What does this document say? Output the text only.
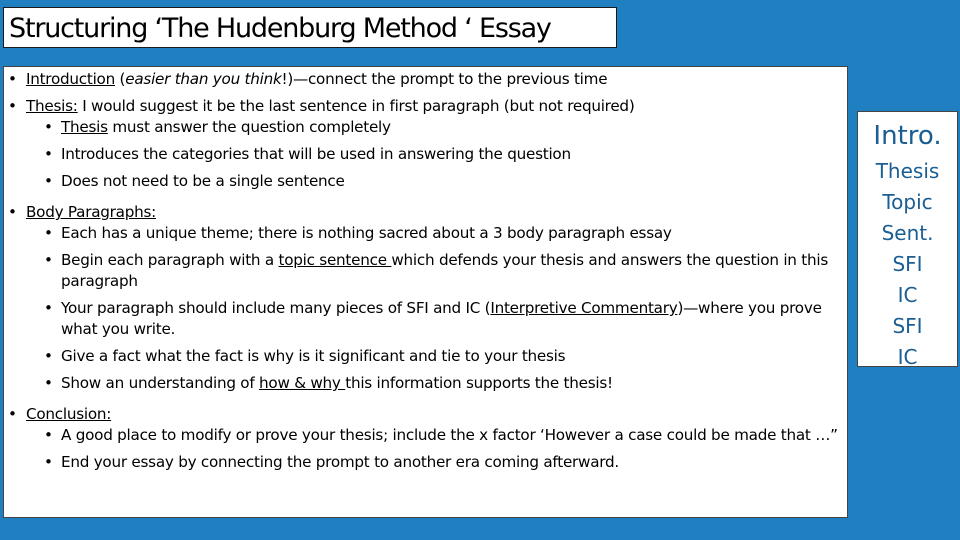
Structuring ‘The Hudenburg Method ‘ Essay

• Introduction (easier than you think!)—connect the prompt to the previous time

• Thesis: I would suggest it be the last sentence in first paragraph (but not required)

• Thesis must answer the question completely

• Introduces the categories that will be used in answering the question

• Does not need to be a single sentence

• Body Paragraphs:

• Each has a unique theme; there is nothing sacred about a 3 body paragraph essay

• Begin each paragraph with a topic sentence which defends your thesis and answers the question in this paragraph

• Your paragraph should include many pieces of SFI and IC (Interpretive Commentary)—where you prove what you write.

• Give a fact what the fact is why is it significant and tie to your thesis

• Show an understanding of how & why this information supports the thesis!

• Conclusion:

• A good place to modify or prove your thesis; include the x factor ‘However a case could be made that …”

• End your essay by connecting the prompt to another era coming afterward.

Intro.
Thesis
Topic
Sent.
SFI
IC
SFI
IC
